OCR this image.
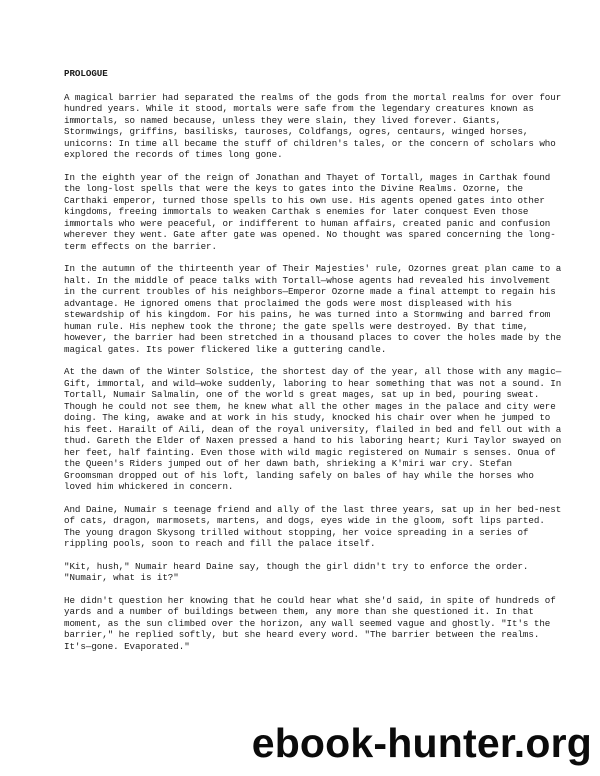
PROLOGUE

A magical barrier had separated the realms of the gods from the mortal realms for over four hundred years. While it stood, mortals were safe from the legendary creatures known as immortals, so named because, unless they were slain, they lived forever. Giants, Stormwings, griffins, basilisks, tauroses, Coldfangs, ogres, centaurs, winged horses, unicorns: In time all became the stuff of children's tales, or the concern of scholars who explored the records of times long gone.

In the eighth year of the reign of Jonathan and Thayet of Tortall, mages in Carthak found the long-lost spells that were the keys to gates into the Divine Realms. Ozorne, the Carthaki emperor, turned those spells to his own use. His agents opened gates into other kingdoms, freeing immortals to weaken Carthak s enemies for later conquest Even those immortals who were peaceful, or indifferent to human affairs, created panic and confusion wherever they went. Gate after gate was opened. No thought was spared concerning the long-term effects on the barrier.

In the autumn of the thirteenth year of Their Majesties' rule, Ozornes great plan came to a halt. In the middle of peace talks with Tortall—whose agents had revealed his involvement in the current troubles of his neighbors—Emperor Ozorne made a final attempt to regain his advantage. He ignored omens that proclaimed the gods were most displeased with his stewardship of his kingdom. For his pains, he was turned into a Stormwing and barred from human rule. His nephew took the throne; the gate spells were destroyed. By that time, however, the barrier had been stretched in a thousand places to cover the holes made by the magical gates. Its power flickered like a guttering candle.

At the dawn of the Winter Solstice, the shortest day of the year, all those with any magic—Gift, immortal, and wild—woke suddenly, laboring to hear something that was not a sound. In Tortall, Numair Salmalín, one of the world s great mages, sat up in bed, pouring sweat. Though he could not see them, he knew what all the other mages in the palace and city were doing. The king, awake and at work in his study, knocked his chair over when he jumped to his feet. Harailt of Aili, dean of the royal university, flailed in bed and fell out with a thud. Gareth the Elder of Naxen pressed a hand to his laboring heart; Kuri Taylor swayed on her feet, half fainting. Even those with wild magic registered on Numair s senses. Onua of the Queen's Riders jumped out of her dawn bath, shrieking a K'miri war cry. Stefan Groomsman dropped out of his loft, landing safely on bales of hay while the horses who loved him whickered in concern.

And Daine, Numair s teenage friend and ally of the last three years, sat up in her bed-nest of cats, dragon, marmosets, martens, and dogs, eyes wide in the gloom, soft lips parted. The young dragon Skysong trilled without stopping, her voice spreading in a series of rippling pools, soon to reach and fill the palace itself.

"Kit, hush," Numair heard Daine say, though the girl didn't try to enforce the order. "Numair, what is it?"

He didn't question her knowing that he could hear what she'd said, in spite of hundreds of yards and a number of buildings between them, any more than she questioned it. In that moment, as the sun climbed over the horizon, any wall seemed vague and ghostly. "It's the barrier," he replied softly, but she heard every word. "The barrier between the realms. It's—gone. Evaporated."

ebook-hunter.org
